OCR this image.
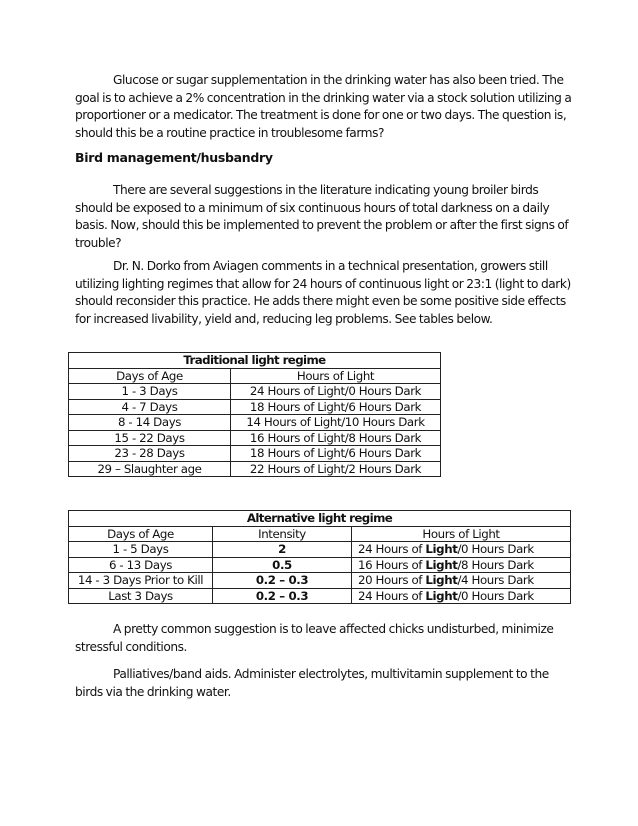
Glucose or sugar supplementation in the drinking water has also been tried. The goal is to achieve a 2% concentration in the drinking water via a stock solution utilizing a proportioner or a medicator. The treatment is done for one or two days. The question is, should this be a routine practice in troublesome farms?

Bird management/husbandry

There are several suggestions in the literature indicating young broiler birds should be exposed to a minimum of six continuous hours of total darkness on a daily basis. Now, should this be implemented to prevent the problem or after the first signs of trouble?

Dr. N. Dorko from Aviagen comments in a technical presentation, growers still utilizing lighting regimes that allow for 24 hours of continuous light or 23:1 (light to dark) should reconsider this practice. He adds there might even be some positive side effects for increased livability, yield and, reducing leg problems. See tables below.

Traditional light regime	
Days of Age	Hours of Light
1 - 3 Days	24 Hours of Light/0 Hours Dark
4 - 7 Days	18 Hours of Light/6 Hours Dark
8 - 14 Days	14 Hours of Light/10 Hours Dark
15 - 22 Days	16 Hours of Light/8 Hours Dark
23 - 28 Days	18 Hours of Light/6 Hours Dark
29 – Slaughter age	22 Hours of Light/2 Hours Dark
Alternative light regime		
Days of Age	Intensity	Hours of Light
1 - 5 Days	2	24 Hours of Light/0 Hours Dark
6 - 13 Days	0.5	16 Hours of Light/8 Hours Dark
14 - 3 Days Prior to Kill	0.2 – 0.3	20 Hours of Light/4 Hours Dark
Last 3 Days	0.2 – 0.3	24 Hours of Light/0 Hours Dark

A pretty common suggestion is to leave affected chicks undisturbed, minimize stressful conditions.

Palliatives/band aids. Administer electrolytes, multivitamin supplement to the birds via the drinking water.
